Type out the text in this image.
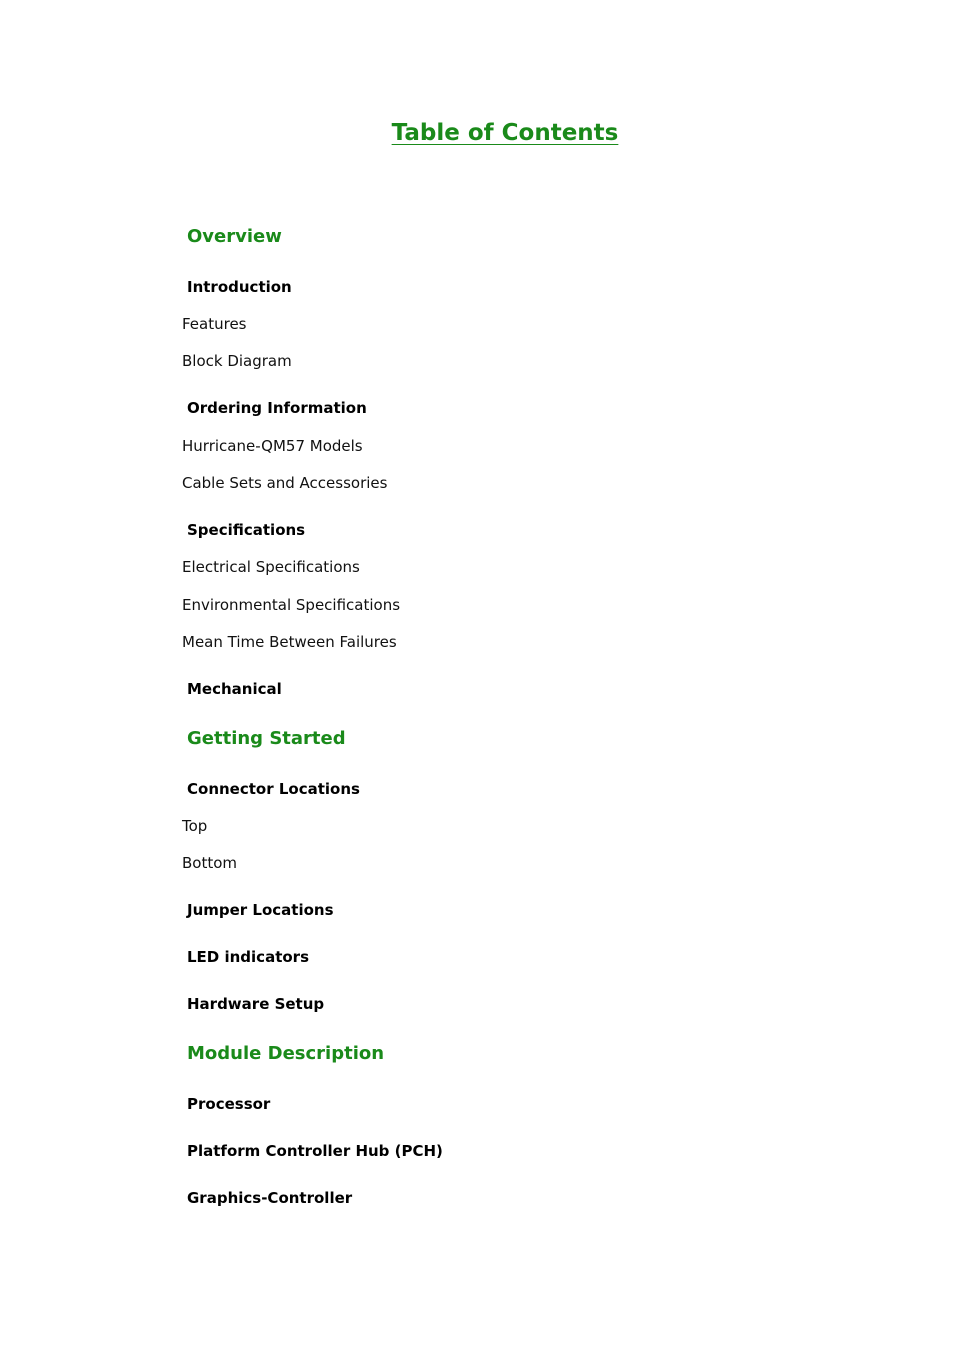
Table of Contents
Overview
Introduction
Features
Block Diagram
Ordering Information
Hurricane-QM57 Models
Cable Sets and Accessories
Specifications
Electrical Specifications
Environmental Specifications
Mean Time Between Failures
Mechanical
Getting Started
Connector Locations
Top
Bottom
Jumper Locations
LED indicators
Hardware Setup
Module Description
Processor
Platform Controller Hub (PCH)
Graphics-Controller
